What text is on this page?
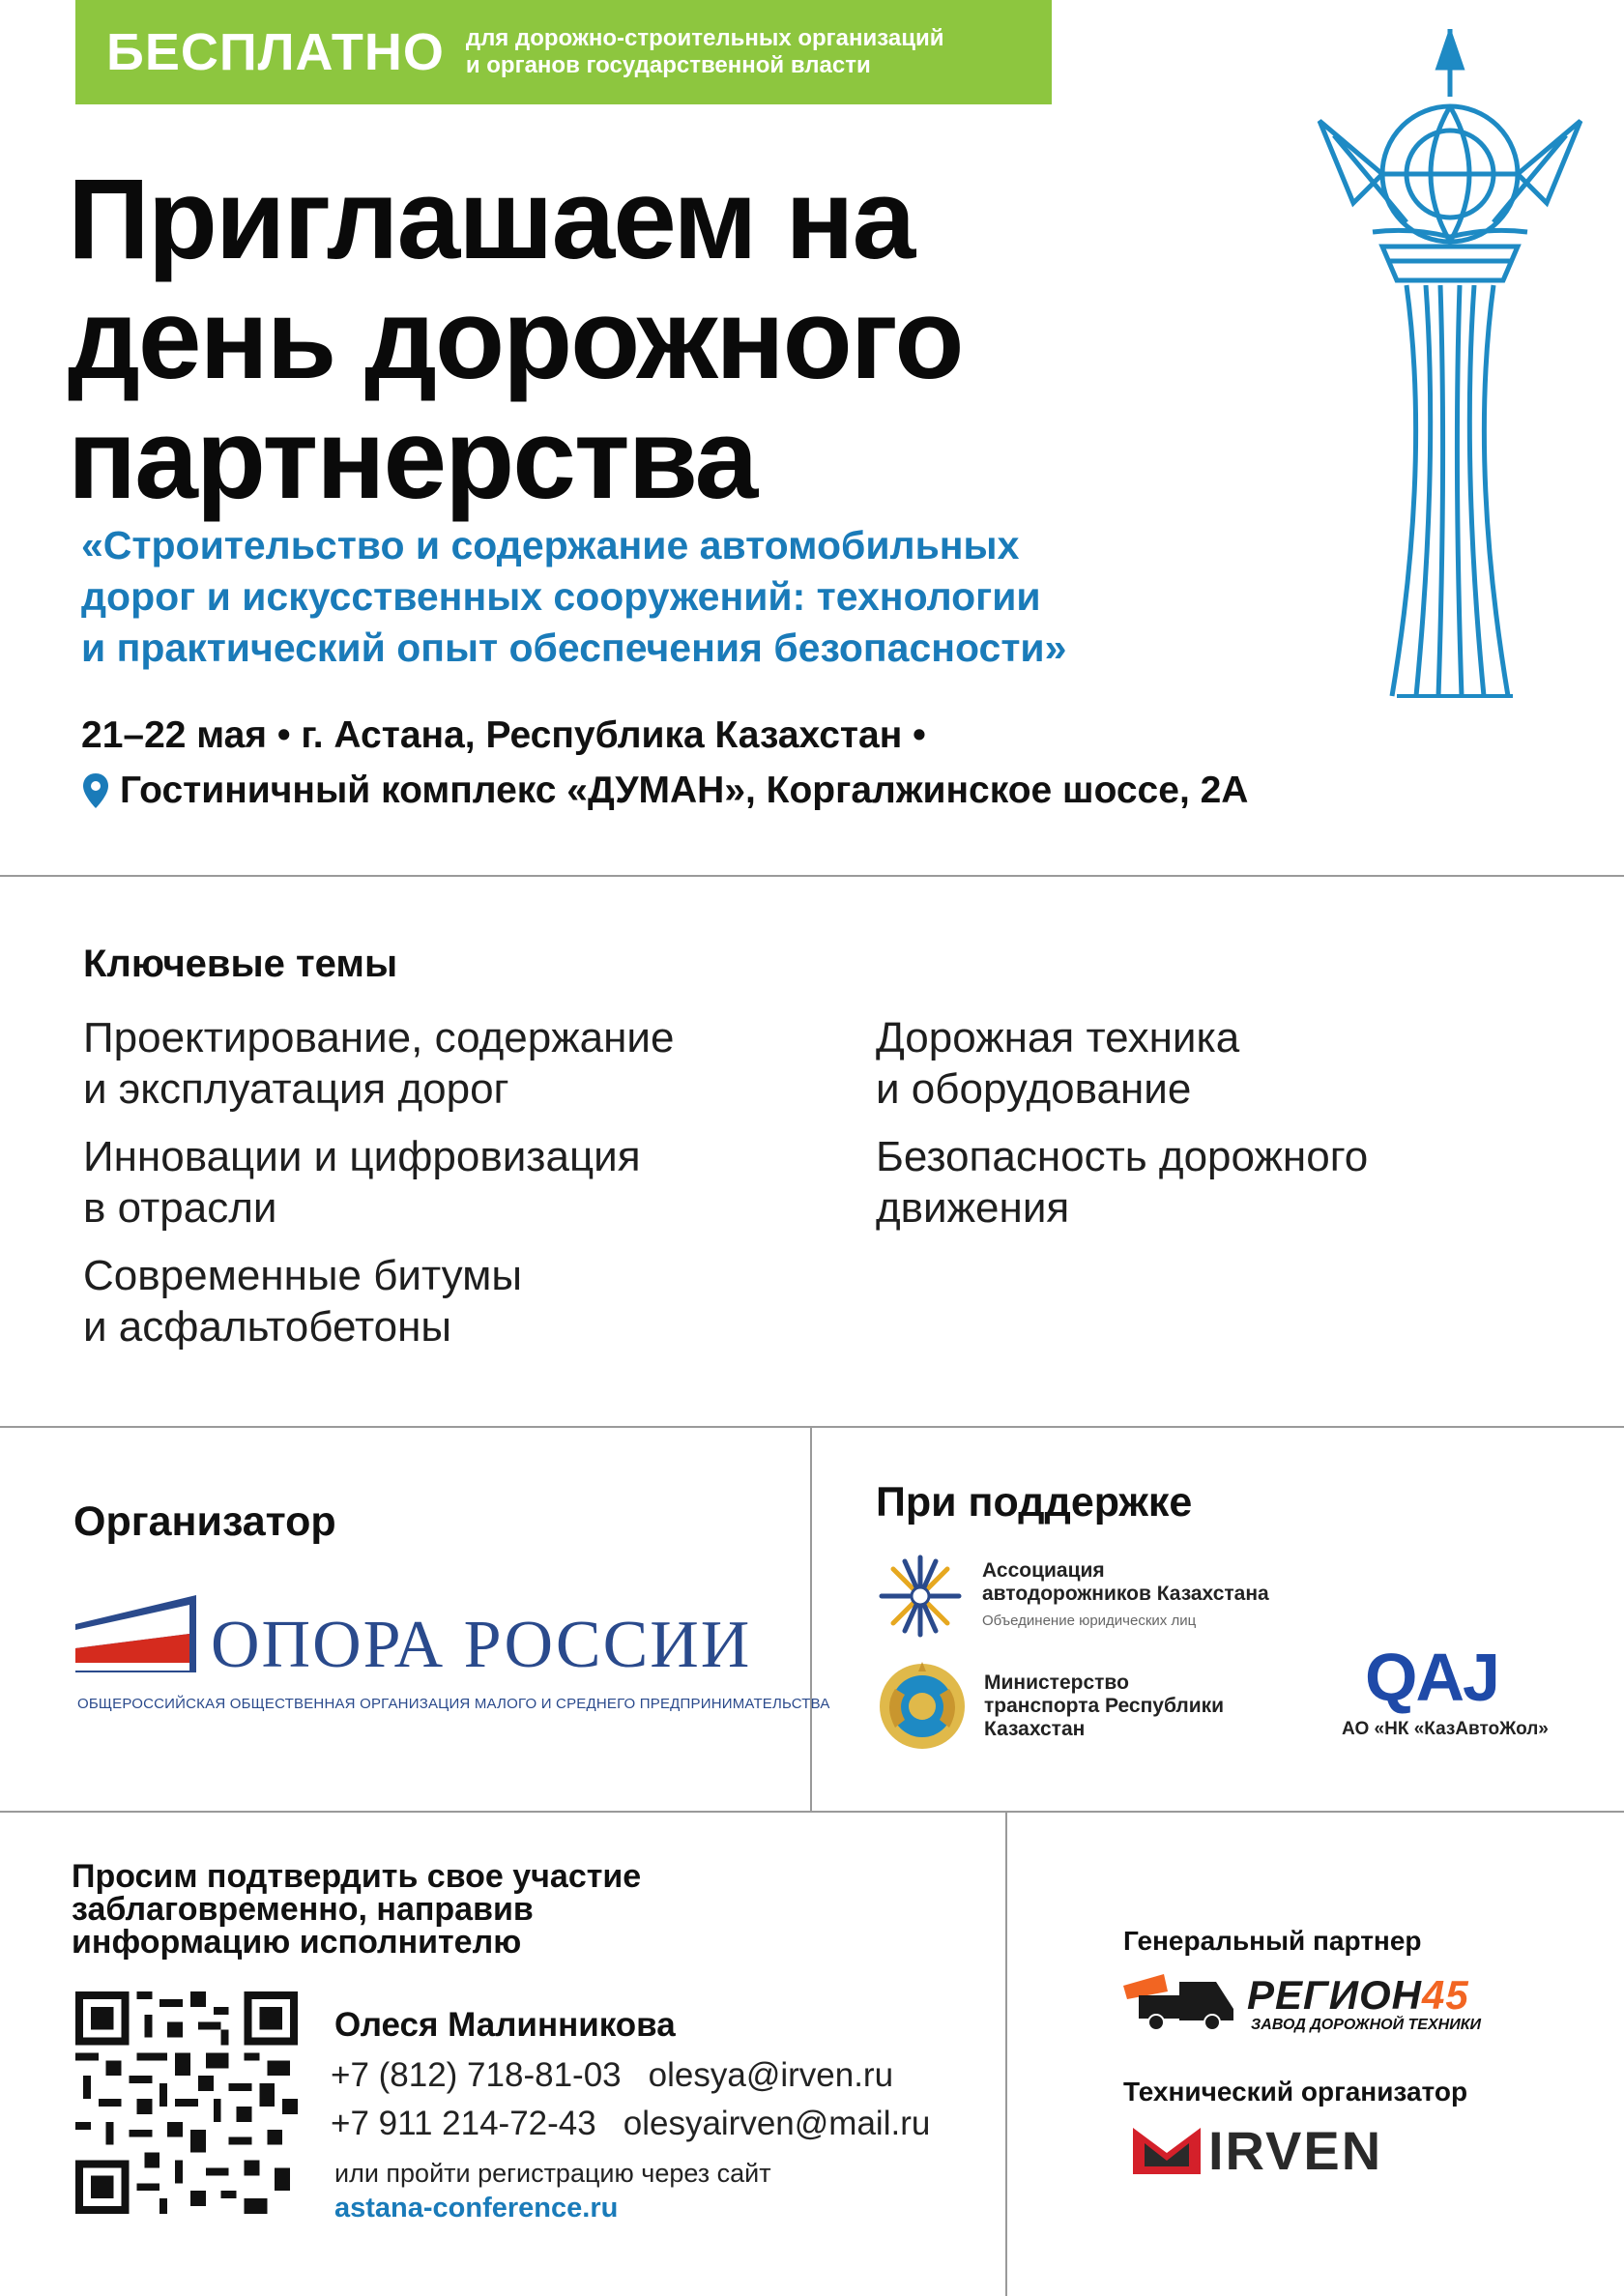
БЕСПЛАТНО для дорожно-строительных организаций
и органов государственной власти
Приглашаем на
день дорожного
партнерства
«Строительство и содержание автомобильных
дорог и искусственных сооружений: технологии
и практический опыт обеспечения безопасности»
21–22 мая • г. Астана, Республика Казахстан •
Гостиничный комплекс «ДУМАН», Коргалжинское шоссе, 2А
Ключевые темы
Проектирование, содержание
и эксплуатация дорог
Инновации и цифровизация
в отрасли
Современные битумы
и асфальтобетоны
Дорожная техника
и оборудование
Безопасность дорожного
движения
Организатор
ОПОРА РОССИИ
ОБЩЕРОССИЙСКАЯ ОБЩЕСТВЕННАЯ ОРГАНИЗАЦИЯ МАЛОГО И СРЕДНЕГО ПРЕДПРИНИМАТЕЛЬСТВА
При поддержке
Ассоциация
автодорожников Казахстана
Объединение юридических лиц
Министерство
транспорта Республики
Казахстан
QAJ
АО «НК «КазАвтоЖол»
Просим подтвердить свое участие
заблаговременно, направив
информацию исполнителю
Олеся Малинникова
+7 (812) 718-81-03 olesya@irven.ru
+7 911 214-72-43 olesyairven@mail.ru
или пройти регистрацию через сайт
astana-conference.ru
Генеральный партнер
РЕГИОН45
ЗАВОД ДОРОЖНОЙ ТЕХНИКИ
Технический организатор
IRVEN
